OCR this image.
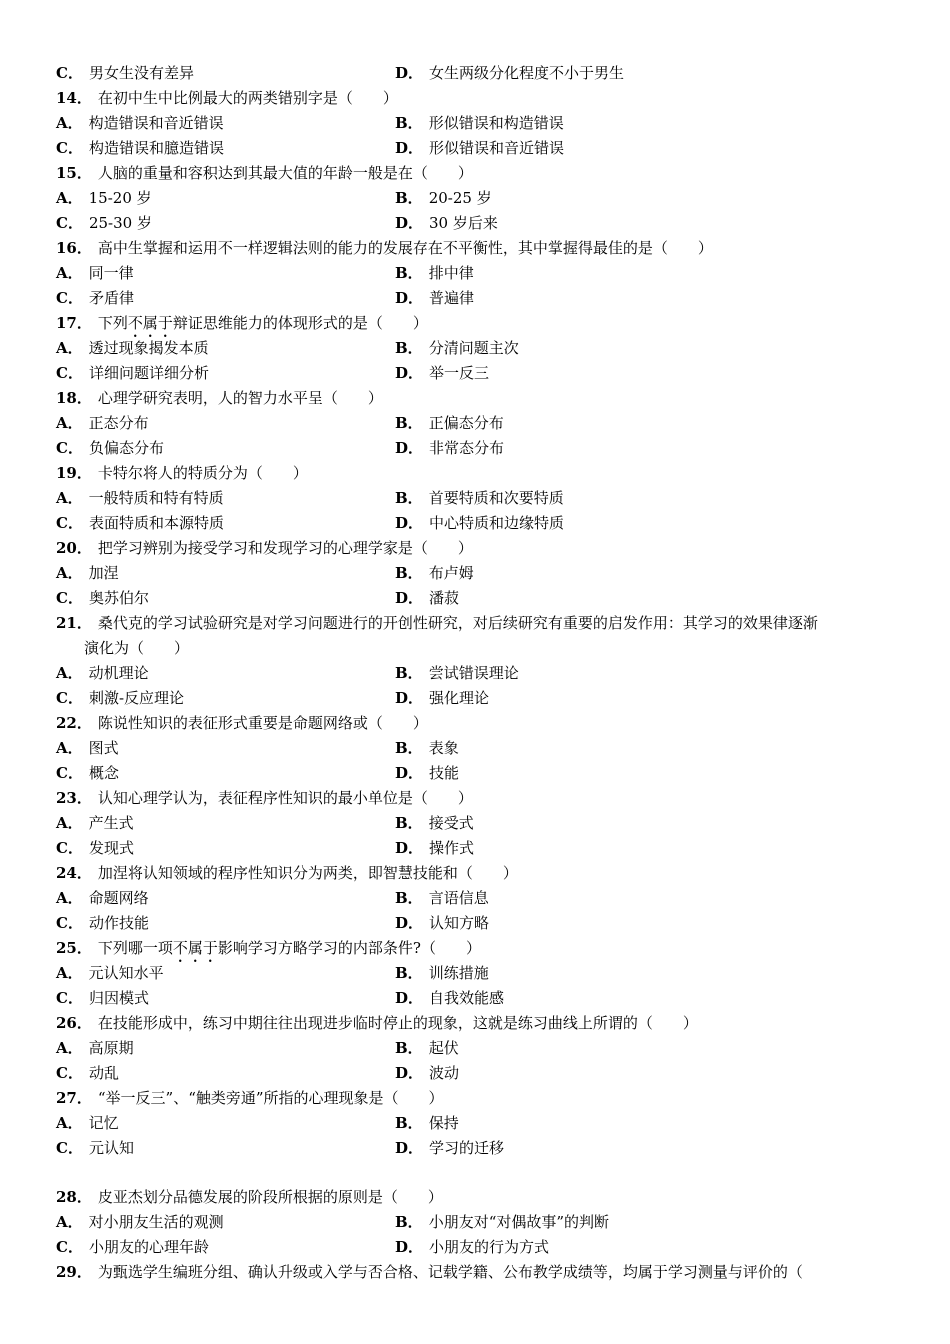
C． 男女生没有差异	D． 女生两级分化程度不小于男生
14． 在初中生中比例最大的两类错别字是（　　）
A． 构造错误和音近错误	B． 形似错误和构造错误
C． 构造错误和臆造错误	D． 形似错误和音近错误
15． 人脑的重量和容积达到其最大值的年龄一般是在（　　）
A． 15-20 岁	B． 20-25 岁
C． 25-30 岁	D． 30 岁后来
16． 高中生掌握和运用不一样逻辑法则的能力的发展存在不平衡性，其中掌握得最佳的是（　　）
A． 同一律	B． 排中律
C． 矛盾律	D． 普遍律
17． 下列不属于辩证思维能力的体现形式的是（　　）
A． 透过现象揭发本质	B． 分清问题主次
C． 详细问题详细分析	D． 举一反三
18． 心理学研究表明，人的智力水平呈（　　）
A． 正态分布	B． 正偏态分布
C． 负偏态分布	D． 非常态分布
19． 卡特尔将人的特质分为（　　）
A． 一般特质和特有特质	B． 首要特质和次要特质
C． 表面特质和本源特质	D． 中心特质和边缘特质
20． 把学习辨别为接受学习和发现学习的心理学家是（　　）
A． 加涅	B． 布卢姆
C． 奥苏伯尔	D． 潘菽
21． 桑代克的学习试验研究是对学习问题进行的开创性研究，对后续研究有重要的启发作用：其学习的效果律逐渐
演化为（　　）
A． 动机理论	B． 尝试错误理论
C． 刺激-反应理论	D． 强化理论
22． 陈说性知识的表征形式重要是命题网络或（　　）
A． 图式	B． 表象
C． 概念	D． 技能
23． 认知心理学认为，表征程序性知识的最小单位是（　　）
A． 产生式	B． 接受式
C． 发现式	D． 操作式
24． 加涅将认知领域的程序性知识分为两类，即智慧技能和（　　）
A． 命题网络	B． 言语信息
C． 动作技能	D． 认知方略
25． 下列哪一项不属于影响学习方略学习的内部条件?（　　）
A． 元认知水平	B． 训练措施
C． 归因模式	D． 自我效能感
26． 在技能形成中，练习中期往往出现进步临时停止的现象，这就是练习曲线上所谓的（　　）
A． 高原期	B． 起伏
C． 动乱	D． 波动
27． “举一反三”、“触类旁通”所指的心理现象是（　　）
A． 记忆	B． 保持
C． 元认知	D． 学习的迁移
28． 皮亚杰划分品德发展的阶段所根据的原则是（　　）
A． 对小朋友生活的观测	B． 小朋友对“对偶故事”的判断
C． 小朋友的心理年龄	D． 小朋友的行为方式
29． 为甄选学生编班分组、确认升级或入学与否合格、记载学籍、公布教学成绩等，均属于学习测量与评价的（
